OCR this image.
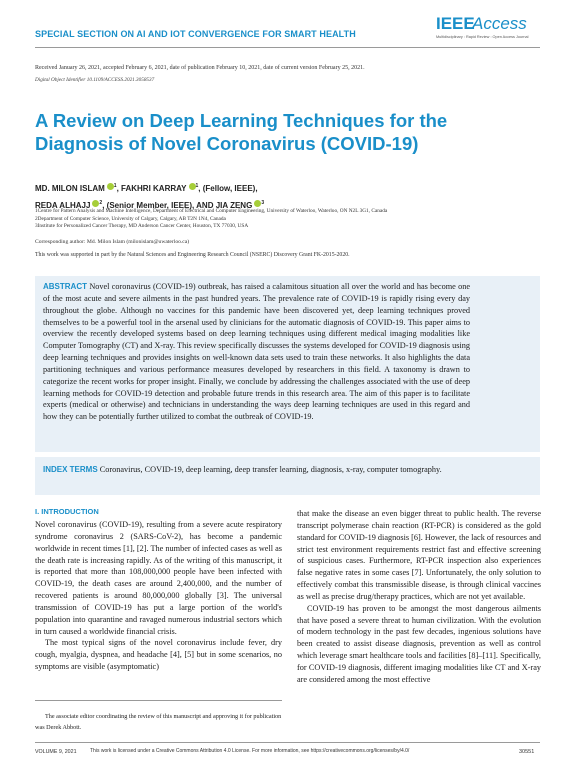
SPECIAL SECTION ON AI AND IOT CONVERGENCE FOR SMART HEALTH
IEEE
Access
Multidisciplinary : Rapid Review : Open Access Journal
Received January 26, 2021, accepted February 6, 2021, date of publication February 10, 2021, date of current version February 25, 2021.
Digital Object Identifier 10.1109/ACCESS.2021.3058537
A Review on Deep Learning Techniques for the Diagnosis of Novel Coronavirus (COVID-19)
MD. MILON ISLAM $^1$, FAKHRI KARRAY $^1$, (Fellow, IEEE),
REDA ALHAJJ $^2$, (Senior Member, IEEE), AND JIA ZENG $^3$
1Centre for Pattern Analysis and Machine Intelligence, Department of Electrical and Computer Engineering, University of Waterloo, Waterloo, ON N2L 3G1, Canada
2Department of Computer Science, University of Calgary, Calgary, AB T2N 1N4, Canada
3Institute for Personalized Cancer Therapy, MD Anderson Cancer Center, Houston, TX 77030, USA
Corresponding author: Md. Milon Islam (milonislam@uwaterloo.ca)
This work was supported in part by the Natural Sciences and Engineering Research Council (NSERC) Discovery Grant FK-2015-2020.
ABSTRACT Novel coronavirus (COVID-19) outbreak, has raised a calamitous situation all over the world and has become one of the most acute and severe ailments in the past hundred years. The prevalence rate of COVID-19 is rapidly rising every day throughout the globe. Although no vaccines for this pandemic have been discovered yet, deep learning techniques proved themselves to be a powerful tool in the arsenal used by clinicians for the automatic diagnosis of COVID-19. This paper aims to overview the recently developed systems based on deep learning techniques using different medical imaging modalities like Computer Tomography (CT) and X-ray. This review specifically discusses the systems developed for COVID-19 diagnosis using deep learning techniques and provides insights on well-known data sets used to train these networks. It also highlights the data partitioning techniques and various performance measures developed by researchers in this field. A taxonomy is drawn to categorize the recent works for proper insight. Finally, we conclude by addressing the challenges associated with the use of deep learning methods for COVID-19 detection and probable future trends in this research area. The aim of this paper is to facilitate experts (medical or otherwise) and technicians in understanding the ways deep learning techniques are used in this regard and how they can be potentially further utilized to combat the outbreak of COVID-19.
INDEX TERMS Coronavirus, COVID-19, deep learning, deep transfer learning, diagnosis, x-ray, computer tomography.
I. INTRODUCTION

Novel coronavirus (COVID-19), resulting from a severe acute respiratory syndrome coronavirus 2 (SARS-CoV-2), has become a pandemic worldwide in recent times [1], [2]. The number of infected cases as well as the death rate is increasing rapidly. As of the writing of this manuscript, it is reported that more than 108,000,000 people have been infected with COVID-19, the death cases are around 2,400,000, and the number of recovered patients is around 80,000,000 globally [3]. The universal transmission of COVID-19 has put a large portion of the world's population into quarantine and ravaged numerous industrial sectors which in turn caused a worldwide financial crisis.

The most typical signs of the novel coronavirus include fever, dry cough, myalgia, dyspnea, and headache [4], [5] but in some scenarios, no symptoms are visible (asymptomatic)

that make the disease an even bigger threat to public health. The reverse transcript polymerase chain reaction (RT-PCR) is considered as the gold standard for COVID-19 diagnosis [6]. However, the lack of resources and strict test environment requirements restrict fast and effective screening of suspicious cases. Furthermore, RT-PCR inspection also experiences false negative rates in some cases [7]. Unfortunately, the only solution to effectively combat this transmissible disease, is through clinical vaccines as well as precise drug/therapy practices, which are not yet available.

COVID-19 has proven to be amongst the most dangerous ailments that have posed a severe threat to human civilization. With the evolution of modern technology in the past few decades, ingenious solutions have been created to assist disease diagnosis, prevention as well as control which leverage smart healthcare tools and facilities [8]–[11]. Specifically, for COVID-19 diagnosis, different imaging modalities like CT and X-ray are considered among the most effective

The associate editor coordinating the review of this manuscript and approving it for publication was Derek Abbott.
VOLUME 9, 2021	This work is licensed under a Creative Commons Attribution 4.0 License. For more information, see https://creativecommons.org/licenses/by/4.0/	30551
